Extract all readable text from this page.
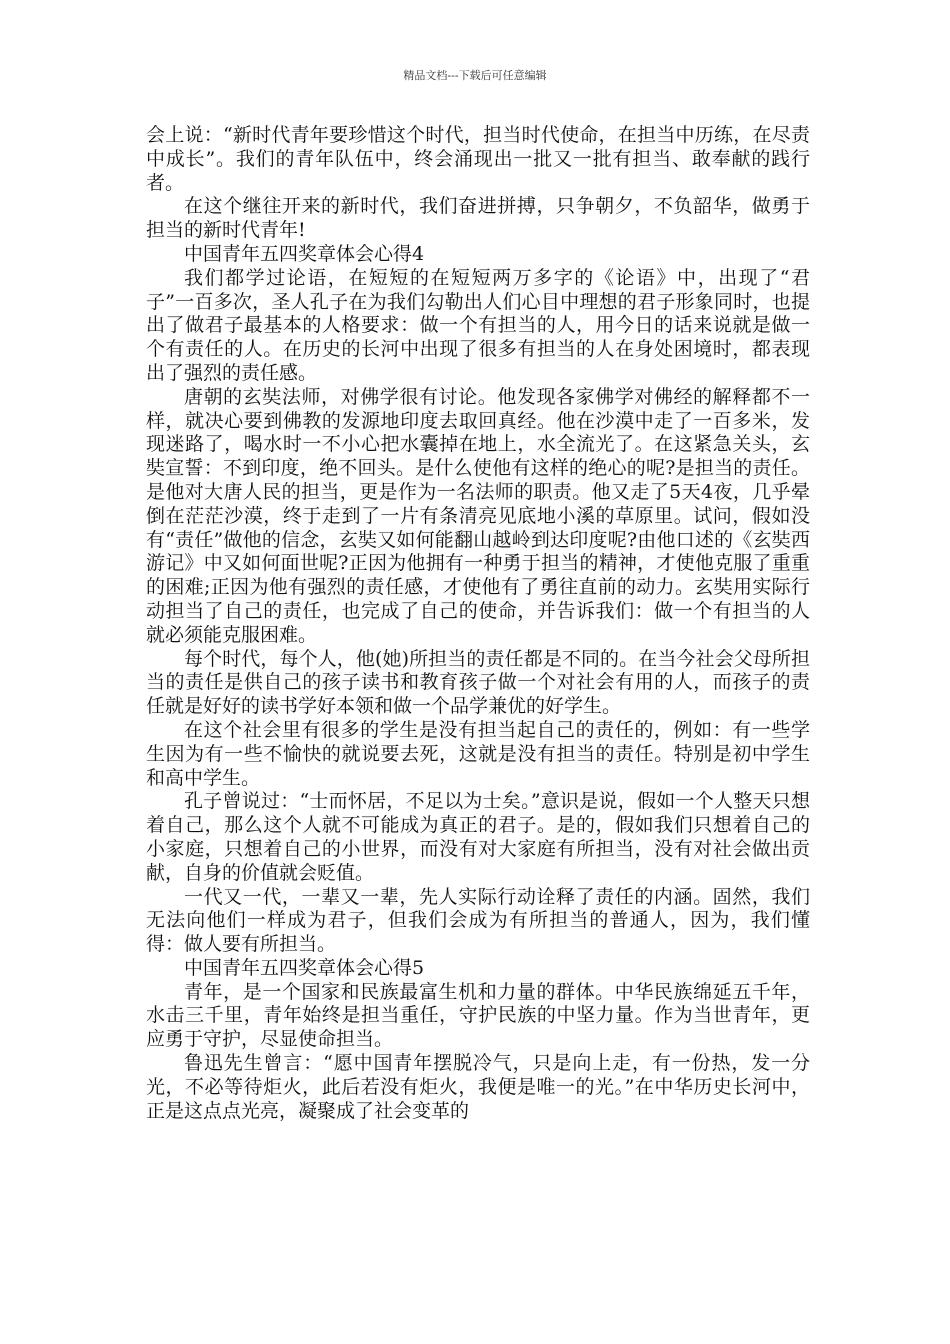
精品文档---下载后可任意编辑

会上说：“新时代青年要珍惜这个时代，担当时代使命，在担当中历练，在尽责中成长”。我们的青年队伍中，终会涌现出一批又一批有担当、敢奉献的践行者。

在这个继往开来的新时代，我们奋进拼搏，只争朝夕，不负韶华，做勇于担当的新时代青年!

中国青年五四奖章体会心得4

我们都学过论语，在短短的在短短两万多字的《论语》中，出现了“君子”一百多次，圣人孔子在为我们勾勒出人们心目中理想的君子形象同时，也提出了做君子最基本的人格要求：做一个有担当的人，用今日的话来说就是做一个有责任的人。在历史的长河中出现了很多有担当的人在身处困境时，都表现出了强烈的责任感。

唐朝的玄奘法师，对佛学很有讨论。他发现各家佛学对佛经的解释都不一样，就决心要到佛教的发源地印度去取回真经。他在沙漠中走了一百多米，发现迷路了，喝水时一不小心把水囊掉在地上，水全流光了。在这紧急关头，玄奘宣誓：不到印度，绝不回头。是什么使他有这样的绝心的呢?是担当的责任。是他对大唐人民的担当，更是作为一名法师的职责。他又走了5天4夜，几乎晕倒在茫茫沙漠，终于走到了一片有条清亮见底地小溪的草原里。试问，假如没有“责任”做他的信念，玄奘又如何能翻山越岭到达印度呢?由他口述的《玄奘西游记》中又如何面世呢?正因为他拥有一种勇于担当的精神，才使他克服了重重的困难;正因为他有强烈的责任感，才使他有了勇往直前的动力。玄奘用实际行动担当了自己的责任，也完成了自己的使命，并告诉我们：做一个有担当的人就必须能克服困难。

每个时代，每个人，他(她)所担当的责任都是不同的。在当今社会父母所担当的责任是供自己的孩子读书和教育孩子做一个对社会有用的人，而孩子的责任就是好好的读书学好本领和做一个品学兼优的好学生。

在这个社会里有很多的学生是没有担当起自己的责任的，例如：有一些学生因为有一些不愉快的就说要去死，这就是没有担当的责任。特别是初中学生和高中学生。

孔子曾说过：“士而怀居，不足以为士矣。”意识是说，假如一个人整天只想着自己，那么这个人就不可能成为真正的君子。是的，假如我们只想着自己的小家庭，只想着自己的小世界，而没有对大家庭有所担当，没有对社会做出贡献，自身的价值就会贬值。

一代又一代，一辈又一辈，先人实际行动诠释了责任的内涵。固然，我们无法向他们一样成为君子，但我们会成为有所担当的普通人，因为，我们懂得：做人要有所担当。

中国青年五四奖章体会心得5

青年，是一个国家和民族最富生机和力量的群体。中华民族绵延五千年，水击三千里，青年始终是担当重任，守护民族的中坚力量。作为当世青年，更应勇于守护，尽显使命担当。

鲁迅先生曾言：“愿中国青年摆脱冷气，只是向上走，有一份热，发一分光，不必等待炬火，此后若没有炬火，我便是唯一的光。”在中华历史长河中，正是这点点光亮，凝聚成了社会变革的
